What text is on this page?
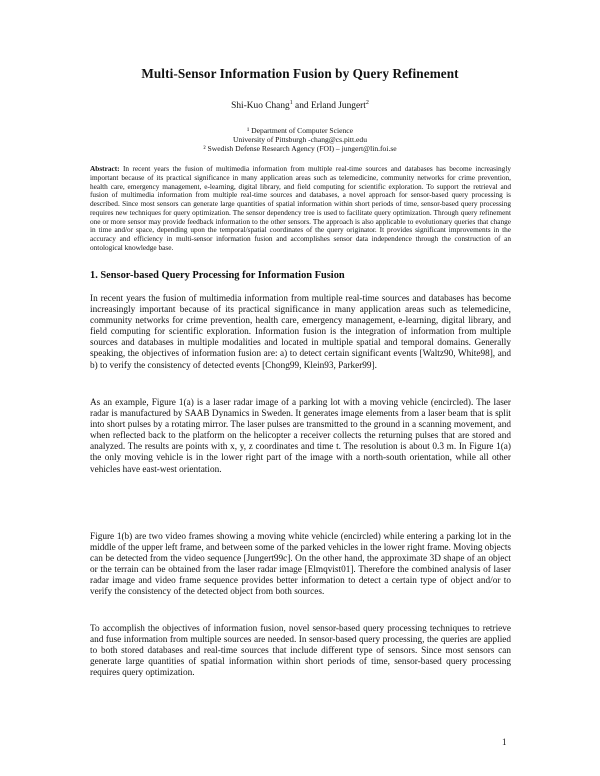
Multi-Sensor Information Fusion by Query Refinement
Shi-Kuo Chang$^1$ and Erland Jungert$^2$
¹ Department of Computer Science
University of Pittsburgh -chang@cs.pitt.edu
² Swedish Defense Research Agency (FOI) – jungert@lin.foi.se
Abstract: In recent years the fusion of multimedia information from multiple real-time sources and databases has become increasingly important because of its practical significance in many application areas such as telemedicine, community networks for crime prevention, health care, emergency management, e-learning, digital library, and field computing for scientific exploration. To support the retrieval and fusion of multimedia information from multiple real-time sources and databases, a novel approach for sensor-based query processing is described. Since most sensors can generate large quantities of spatial information within short periods of time, sensor-based query processing requires new techniques for query optimization. The sensor dependency tree is used to facilitate query optimization. Through query refinement one or more sensor may provide feedback information to the other sensors. The approach is also applicable to evolutionary queries that change in time and/or space, depending upon the temporal/spatial coordinates of the query originator. It provides significant improvements in the accuracy and efficiency in multi-sensor information fusion and accomplishes sensor data independence through the construction of an ontological knowledge base.
1. Sensor-based Query Processing for Information Fusion
In recent years the fusion of multimedia information from multiple real-time sources and databases has become increasingly important because of its practical significance in many application areas such as telemedicine, community networks for crime prevention, health care, emergency management, e-learning, digital library, and field computing for scientific exploration. Information fusion is the integration of information from multiple sources and databases in multiple modalities and located in multiple spatial and temporal domains. Generally speaking, the objectives of information fusion are: a) to detect certain significant events [Waltz90, White98], and b) to verify the consistency of detected events [Chong99, Klein93, Parker99].
As an example, Figure 1(a) is a laser radar image of a parking lot with a moving vehicle (encircled). The laser radar is manufactured by SAAB Dynamics in Sweden. It generates image elements from a laser beam that is split into short pulses by a rotating mirror. The laser pulses are transmitted to the ground in a scanning movement, and when reflected back to the platform on the helicopter a receiver collects the returning pulses that are stored and analyzed. The results are points with x, y, z coordinates and time t. The resolution is about 0.3 m. In Figure 1(a) the only moving vehicle is in the lower right part of the image with a north-south orientation, while all other vehicles have east-west orientation.
Figure 1(b) are two video frames showing a moving white vehicle (encircled) while entering a parking lot in the middle of the upper left frame, and between some of the parked vehicles in the lower right frame. Moving objects can be detected from the video sequence [Jungert99c]. On the other hand, the approximate 3D shape of an object or the terrain can be obtained from the laser radar image [Elmqvist01]. Therefore the combined analysis of laser radar image and video frame sequence provides better information to detect a certain type of object and/or to verify the consistency of the detected object from both sources.
To accomplish the objectives of information fusion, novel sensor-based query processing techniques to retrieve and fuse information from multiple sources are needed. In sensor-based query processing, the queries are applied to both stored databases and real-time sources that include different type of sensors. Since most sensors can generate large quantities of spatial information within short periods of time, sensor-based query processing requires query optimization.
1
